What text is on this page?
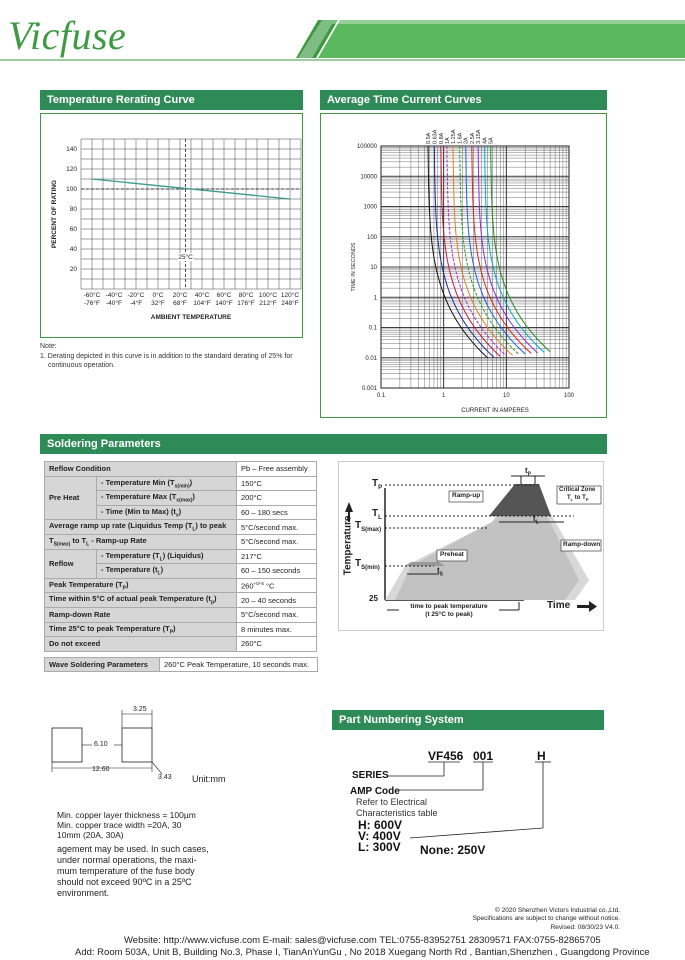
Vicfuse
Temperature Rerating Curve
140
120
100
80
60
40
20
-60°C
-76°F
-40°C
-40°F
-20°C
-4°F
0°C
32°F
20°C
68°F
40°C
104°F
60°C
140°F
80°C
176°F
100°C
212°F
120°C
248°F
25°C
PERCENT OF RATING
AMBIENT TEMPERATURE
Note:
1. Derating depicted in this curve is in addition to the standard derating of 25% for
continuous operation.
Average Time Current Curves
100000
10000
1000
100
10
1
0.1
0.01
0.001
0.1	1	10	100
TIME IN SECONDS
CURRENT IN AMPERES
0.5A 0.63A 0.8A 1A 1.25A 1.6A 2A 2.5A 3.15A 4A 5A
Soldering Parameters
Reflow Condition		Pb – Free assembly
Pre Heat	- Temperature Min $(T_{s(min)})$	150°C
	- Temperature Max $(T_{s(max)})$	200°C
	- Time (Min to Max) $(t_s)$	60 – 180 secs
Average ramp up rate (Liquidus Temp $(T_L)$ to peak		5°C/second max.
$T_{S(max)}$ to $T_L$ - Ramp-up Rate		5°C/second max.
Reflow	- Temperature $(T_L)$ (Liquidus)	217°C
	- Temperature $(t_L)$	60 – 150 seconds
Peak Temperature $(T_P)$		$260^{+0/-5}$ °C
Time within 5°C of actual peak Temperature $(t_p)$		20 – 40 seconds
Ramp-down Rate		5°C/second max.
Time 25°C to peak Temperature $(T_P)$		8 minutes max.
Do not exceed		260°C
Wave Soldering Parameters	260°C Peak Temperature, 10 seconds max.
$T_P$
$T_L$
$T_{S(max)}$
$T_{S(min)}$
25
Temperature
Time
Ramp-up
Ramp-down
Preheat
Critical Zone
$T_L$ to $T_P$
$t_P$
$t_L$
$t_S$
time to peak temperature
(t 25°C to peak)
3.25
6.10
12.60
3.43 Unit:mm
Min. copper layer thickness = 100µm
Min. copper trace width =20A, 30
10mm (20A, 30A)
agement may be used. In such cases,
under normal operations, the maxi-
mum temperature of the fuse body
should not exceed 90ºC in a 25ºC
environment.
Part Numbering System
VF456 001	H
SERIES
AMP Code
Refer to Electrical
Characteristics table
H: 600V
V: 400V
L: 300V None: 250V
© 2020 Shenzhen Victors Industrial co.,Ltd.
Specifications are subject to change without notice.
Revised: 08/30/23 V4.0.
Website: http://www.vicfuse.com E-mail: sales@vicfuse.com TEL:0755-83952751 28309571 FAX:0755-82865705
Add: Room 503A, Unit B, Building No.3, Phase I, TianAnYunGu , No 2018 Xuegang North Rd , Bantian,Shenzhen , Guangdong Province
